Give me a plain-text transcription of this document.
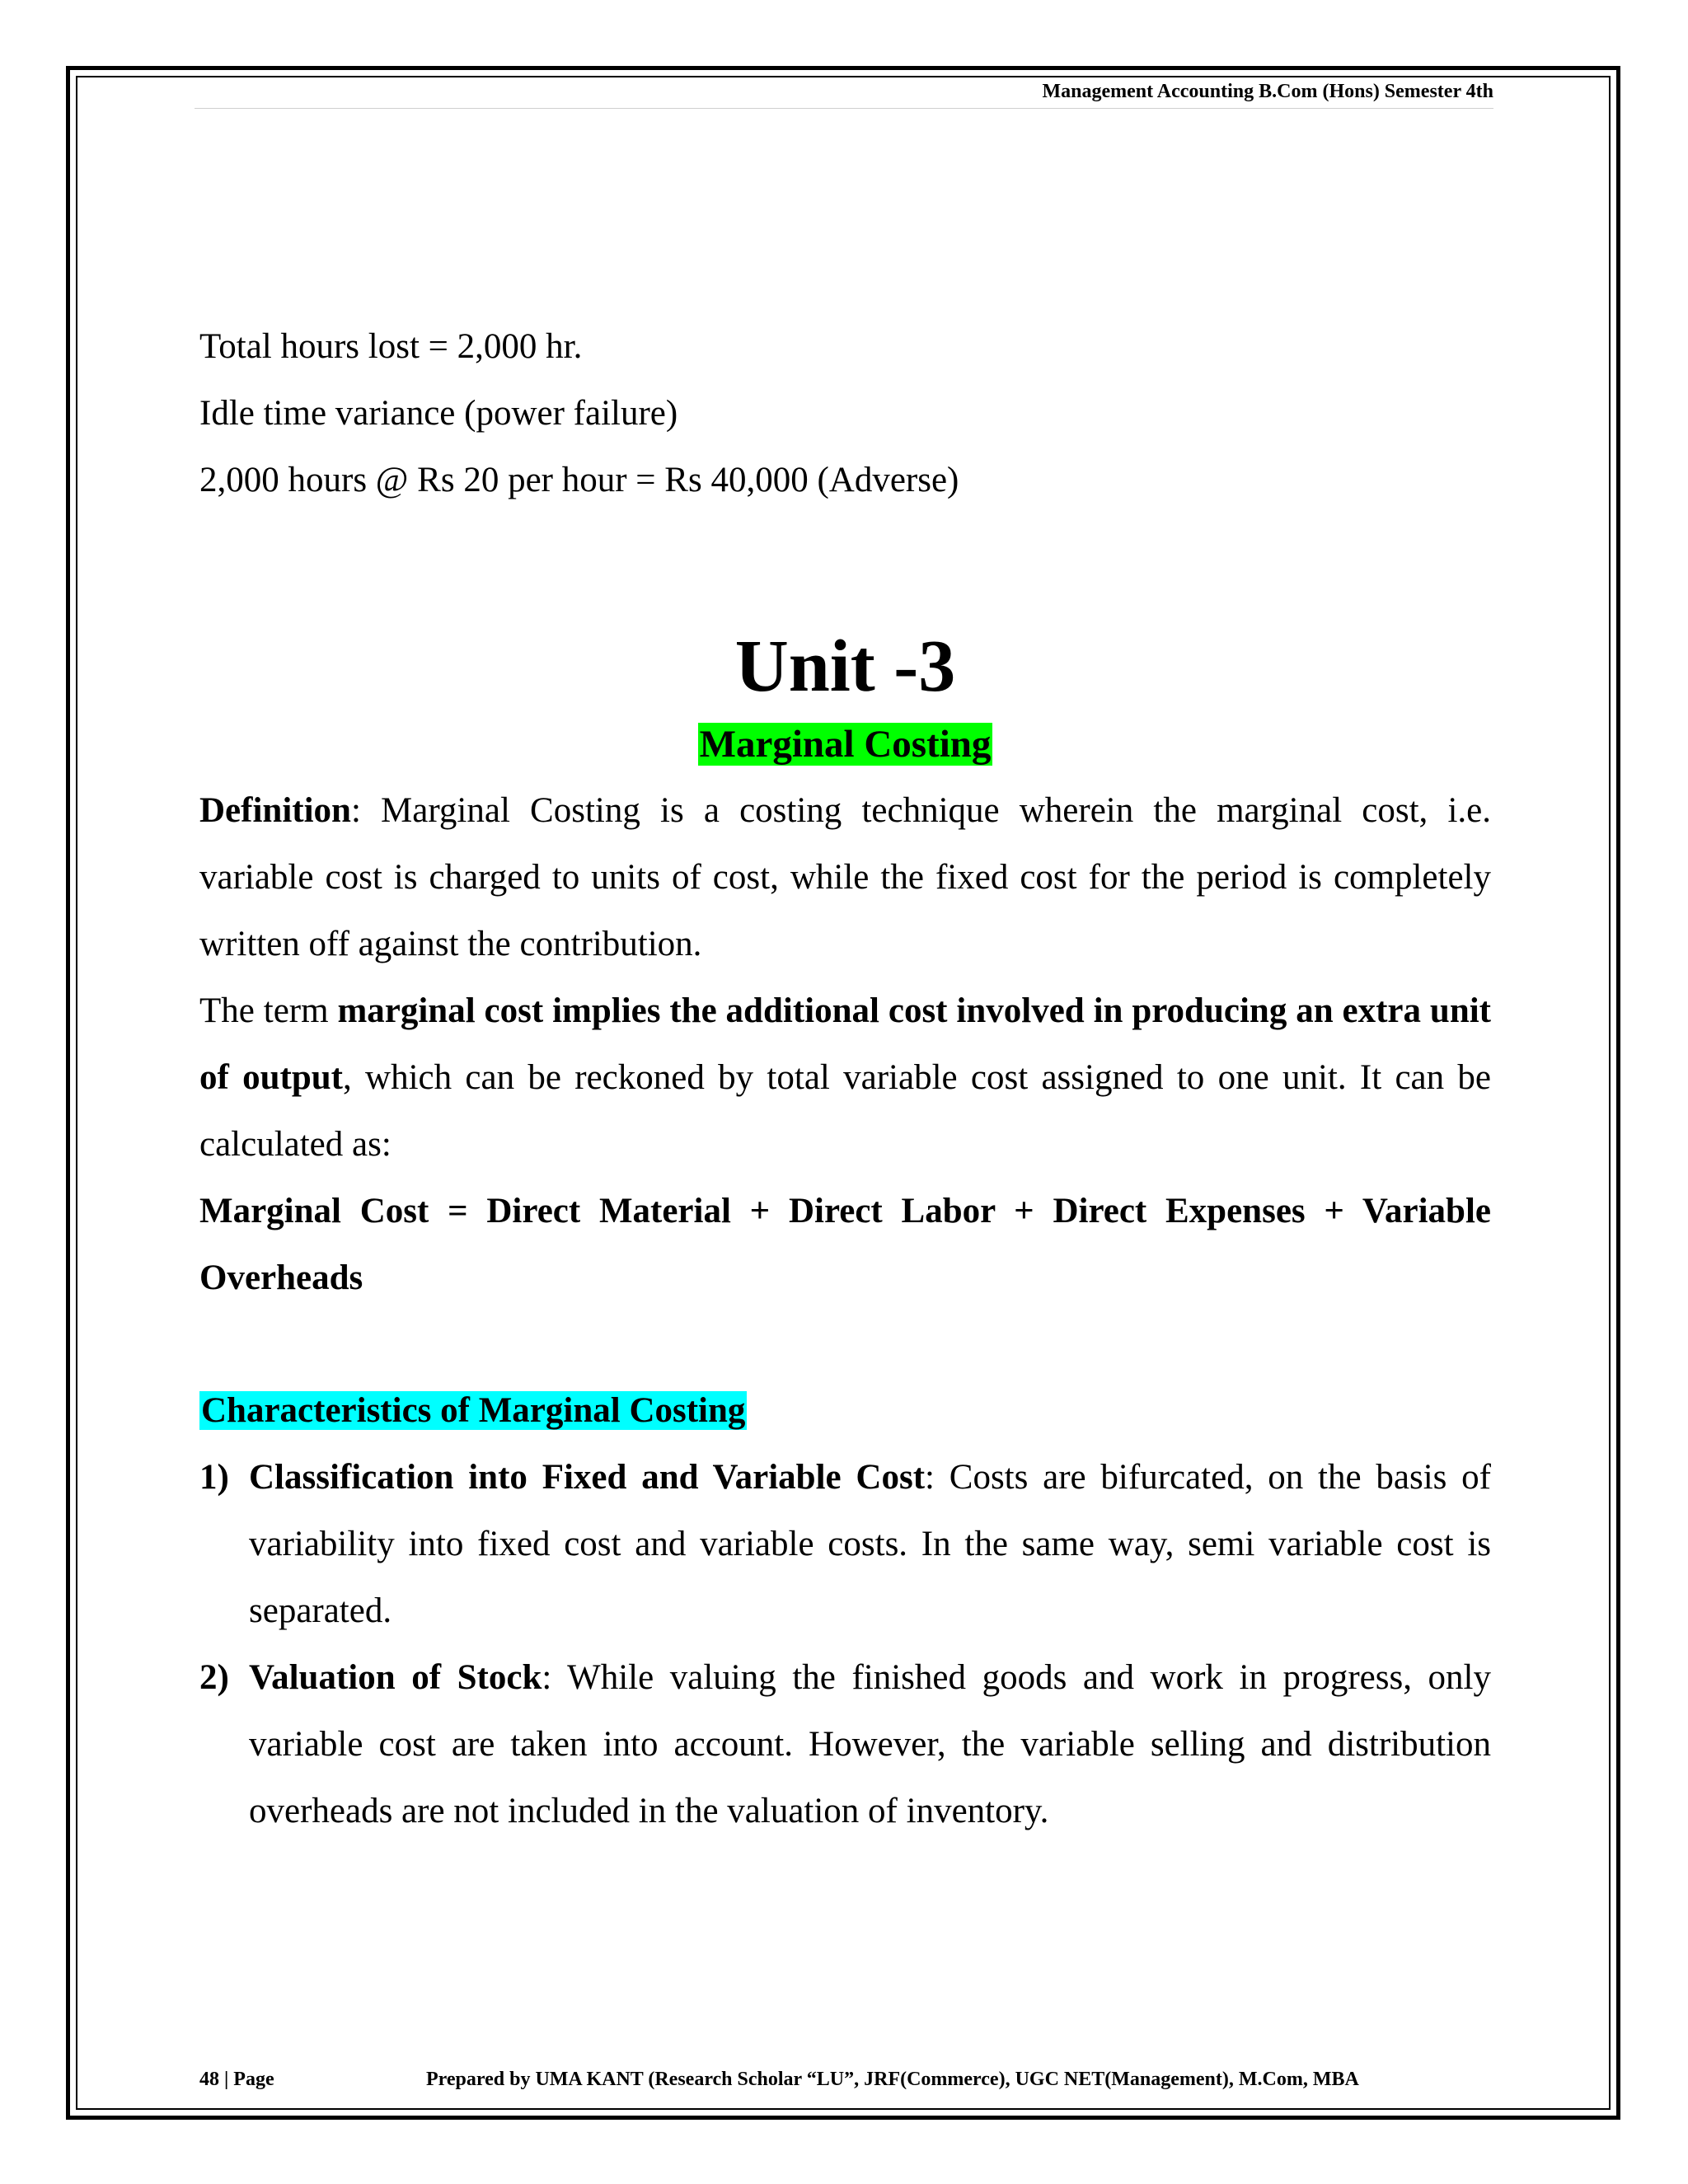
Management Accounting B.Com (Hons) Semester 4th
Total hours lost = 2,000 hr.
Idle time variance (power failure)
2,000 hours @ Rs 20 per hour = Rs 40,000 (Adverse)
Unit -3
Marginal Costing
Definition: Marginal Costing is a costing technique wherein the marginal cost, i.e. variable cost is charged to units of cost, while the fixed cost for the period is completely written off against the contribution.
The term marginal cost implies the additional cost involved in producing an extra unit of output, which can be reckoned by total variable cost assigned to one unit. It can be calculated as:
Marginal Cost = Direct Material + Direct Labor + Direct Expenses + Variable Overheads
Characteristics of Marginal Costing
1) Classification into Fixed and Variable Cost: Costs are bifurcated, on the basis of variability into fixed cost and variable costs. In the same way, semi variable cost is separated.
2) Valuation of Stock: While valuing the finished goods and work in progress, only variable cost are taken into account. However, the variable selling and distribution overheads are not included in the valuation of inventory.
48 | Page	Prepared by UMA KANT (Research Scholar “LU”, JRF(Commerce), UGC NET(Management), M.Com, MBA
